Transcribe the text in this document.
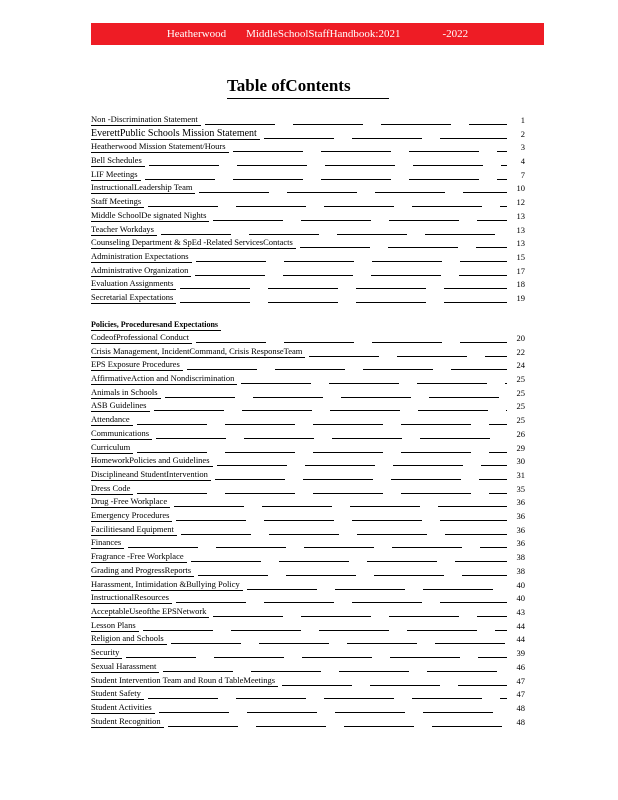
Heatherwood MiddleSchoolStaffHandbook:2021	-2022
Table ofContents
Non -Discrimination Statement	1
EverettPublic Schools Mission Statement	2
Heatherwood Mission Statement/Hours	3
Bell Schedules	4
LIF Meetings	7
InstructionalLeadership Team	10
Staff Meetings	12
Middle SchoolDe signated Nights	13
Teacher Workdays	13
Counseling Department & SpEd -Related ServicesContacts	13
Administration Expectations	15
Administrative Organization	17
Evaluation Assignments	18
Secretarial Expectations	19
Policies, Proceduresand Expectations
CodeofProfessional Conduct	20
Crisis Management, IncidentCommand, Crisis ResponseTeam	22
EPS Exposure Procedures	24
AffirmativeAction and Nondiscrimination	25
Animals in Schools	25
ASB Guidelines	25
Attendance	25
Communications	26
Curriculum	29
HomeworkPolicies and Guidelines	30
Disciplineand StudentIntervention	31
Dress Code	35
Drug -Free Workplace	36
Emergency Procedures	36
Facilitiesand Equipment	36
Finances	36
Fragrance -Free Workplace	38
Grading and ProgressReports	38
Harassment, Intimidation &Bullying Policy	40
InstructionalResources	40
AcceptableUseofthe EPSNetwork	43
Lesson Plans	44
Religion and Schools	44
Security	39
Sexual Harassment	46
Student Intervention Team and Roun d TableMeetings	47
Student Safety	47
Student Activities	48
Student Recognition	48
